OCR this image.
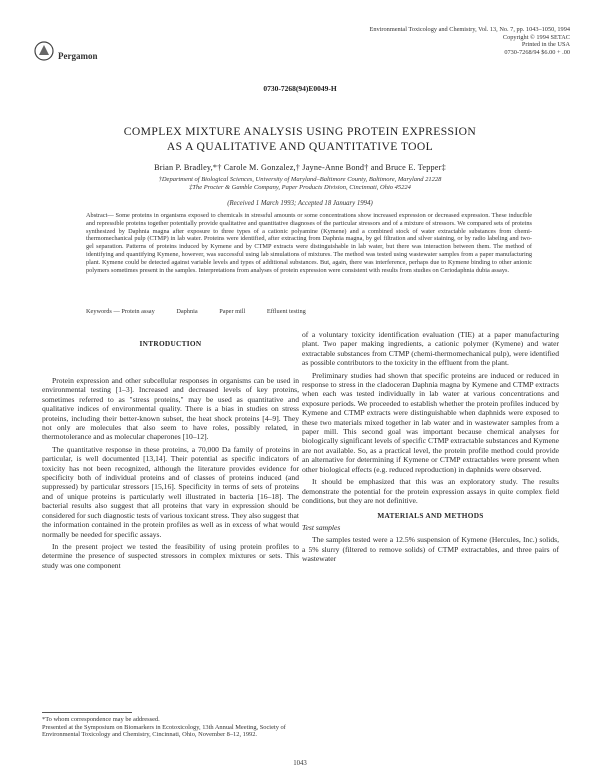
Pergamon
Environmental Toxicology and Chemistry, Vol. 13, No. 7, pp. 1043–1050, 1994
Copyright © 1994 SETAC
Printed in the USA
0730-7268/94 $6.00 + .00
0730-7268(94)E0049-H
COMPLEX MIXTURE ANALYSIS USING PROTEIN EXPRESSION
AS A QUALITATIVE AND QUANTITATIVE TOOL
Brian P. Bradley,*† Carole M. Gonzalez,† Jayne-Anne Bond† and Bruce E. Tepper‡
†Department of Biological Sciences, University of Maryland–Baltimore County, Baltimore, Maryland 21228
‡The Procter & Gamble Company, Paper Products Division, Cincinnati, Ohio 45224
(Received 1 March 1993; Accepted 18 January 1994)
Abstract— Some proteins in organisms exposed to chemicals in stressful amounts or some concentrations show increased expression or decreased expression. These inducible and repressible proteins together potentially provide qualitative and quantitative diagnoses of the particular stressors and of a mixture of stressors. We compared sets of proteins synthesized by Daphnia magna after exposure to three types of a cationic polyamine (Kymene) and a combined stock of water extractable substances from chemi-thermomechanical pulp (CTMP) in lab water. Proteins were identified, after extracting from Daphnia magna, by gel filtration and silver staining, or by radio labeling and two-gel separation. Patterns of proteins induced by Kymene and by CTMP extracts were distinguishable in lab water, but there was interaction between them. The method of identifying and quantifying Kymene, however, was successful using lab simulations of mixtures. The method was tested using wastewater samples from a paper manufacturing plant. Kymene could be detected against variable levels and types of additional substances. But, again, there was interference, perhaps due to Kymene binding to other anionic polymers sometimes present in the samples. Interpretations from analyses of protein expression were consistent with results from studies on Ceriodaphnia dubia assays.
Keywords — Protein assay	Daphnia	Paper mill	Effluent testing
INTRODUCTION

Protein expression and other subcellular responses in organisms can be used in environmental testing [1–3]. Increased and decreased levels of key proteins, sometimes referred to as "stress proteins," may be used as quantitative and qualitative indices of environmental quality. There is a bias in studies on stress proteins, including their better-known subset, the heat shock proteins [4–9]. They not only are molecules that also seem to have roles, possibly related, in thermotolerance and as molecular chaperones [10–12].

The quantitative response in these proteins, a 70,000 Da family of proteins in particular, is well documented [13,14]. Their potential as specific indicators of toxicity has not been recognized, although the literature provides evidence for specificity both of individual proteins and of classes of proteins induced (and suppressed) by particular stressors [15,16]. Specificity in terms of sets of proteins and of unique proteins is particularly well illustrated in bacteria [16–18]. The bacterial results also suggest that all proteins that vary in expression should be considered for such diagnostic tests of various toxicant stress. They also suggest that the information contained in the protein profiles as well as in excess of what would normally be needed for specific assays.

In the present project we tested the feasibility of using protein profiles to determine the presence of suspected stressors in complex mixtures or sets. This study was one component

of a voluntary toxicity identification evaluation (TIE) at a paper manufacturing plant. Two paper making ingredients, a cationic polymer (Kymene) and water extractable substances from CTMP (chemi-thermomechanical pulp), were identified as possible contributors to the toxicity in the effluent from the plant.

Preliminary studies had shown that specific proteins are induced or reduced in response to stress in the cladoceran Daphnia magna by Kymene and CTMP extracts when each was tested individually in lab water at various concentrations and exposure periods. We proceeded to establish whether the protein profiles induced by Kymene and CTMP extracts were distinguishable when daphnids were exposed to these two materials mixed together in lab water and in wastewater samples from a paper mill. This second goal was important because chemical analyses for biologically significant levels of specific CTMP extractable substances and Kymene are not available. So, as a practical level, the protein profile method could provide an alternative for determining if Kymene or CTMP extractables were present when other biological effects (e.g. reduced reproduction) in daphnids were observed.

It should be emphasized that this was an exploratory study. The results demonstrate the potential for the protein expression assays in quite complex field conditions, but they are not definitive.

MATERIALS AND METHODS
Test samples

The samples tested were a 12.5% suspension of Kymene (Hercules, Inc.) solids, a 5% slurry (filtered to remove solids) of CTMP extractables, and three pairs of wastewater

*To whom correspondence may be addressed.
Presented at the Symposium on Biomarkers in Ecotoxicology, 13th Annual Meeting, Society of Environmental Toxicology and Chemistry, Cincinnati, Ohio, November 8–12, 1992.
1043
